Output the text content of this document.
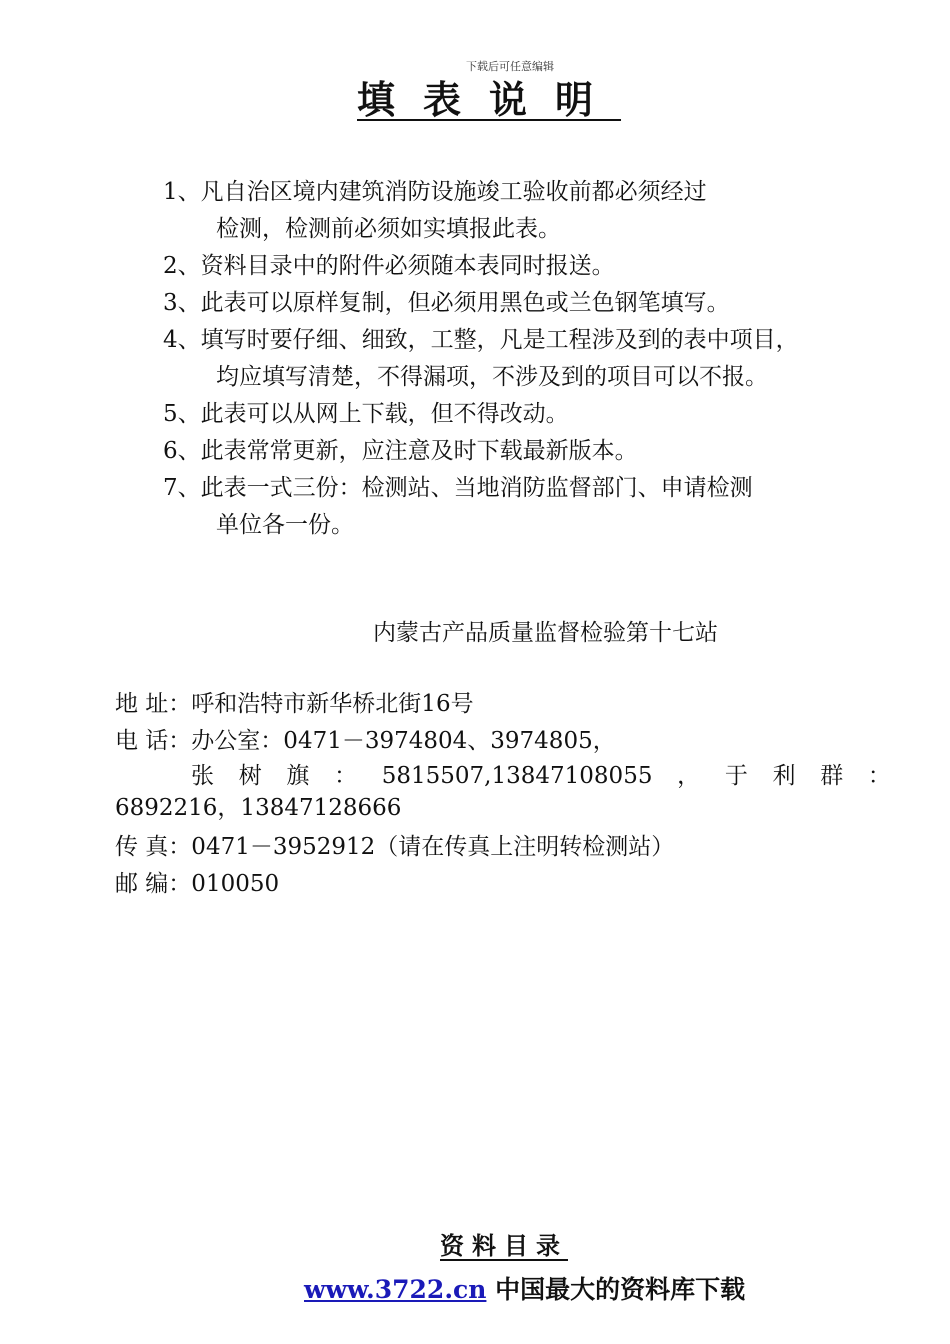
下载后可任意编辑
填表说明
1、凡自治区境内建筑消防设施竣工验收前都必须经过
检测，检测前必须如实填报此表。
2、资料目录中的附件必须随本表同时报送。
3、此表可以原样复制，但必须用黑色或兰色钢笔填写。
4、填写时要仔细、细致，工整，凡是工程涉及到的表中项目，
均应填写清楚，不得漏项，不涉及到的项目可以不报。
5、此表可以从网上下载，但不得改动。
6、此表常常更新，应注意及时下载最新版本。
7、此表一式三份：检测站、当地消防监督部门、申请检测
单位各一份。
内蒙古产品质量监督检验第十七站
地 址：呼和浩特市新华桥北街16号
电 话：办公室：0471－3974804、3974805，
张 树 旗 ： 5815507,13847108055 ， 于 利 群 ：
6892216，13847128666
传 真：0471－3952912（请在传真上注明转检测站）
邮 编：010050
资料目录
www.3722.cn 中国最大的资料库下载
